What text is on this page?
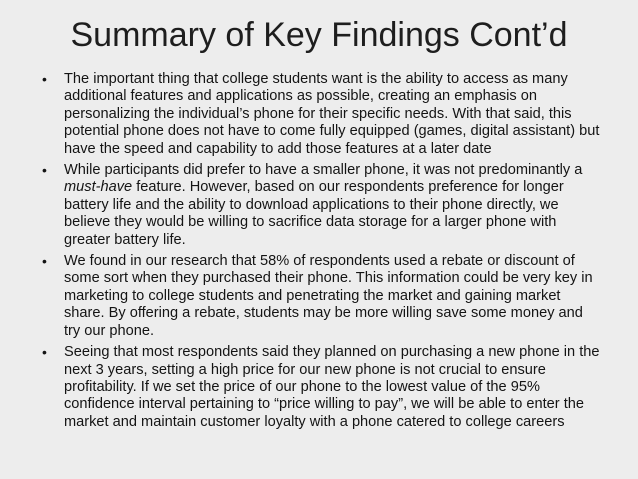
Summary of Key Findings Cont’d
• The important thing that college students want is the ability to access as many additional features and applications as possible, creating an emphasis on personalizing the individual’s phone for their specific needs. With that said, this potential phone does not have to come fully equipped (games, digital assistant) but have the speed and capability to add those features at a later date
• While participants did prefer to have a smaller phone, it was not predominantly a must-have feature. However, based on our respondents preference for longer battery life and the ability to download applications to their phone directly, we believe they would be willing to sacrifice data storage for a larger phone with greater battery life.
• We found in our research that 58% of respondents used a rebate or discount of some sort when they purchased their phone. This information could be very key in marketing to college students and penetrating the market and gaining market share. By offering a rebate, students may be more willing save some money and try our phone.
• Seeing that most respondents said they planned on purchasing a new phone in the next 3 years, setting a high price for our new phone is not crucial to ensure profitability. If we set the price of our phone to the lowest value of the 95% confidence interval pertaining to “price willing to pay”, we will be able to enter the market and maintain customer loyalty with a phone catered to college careers
